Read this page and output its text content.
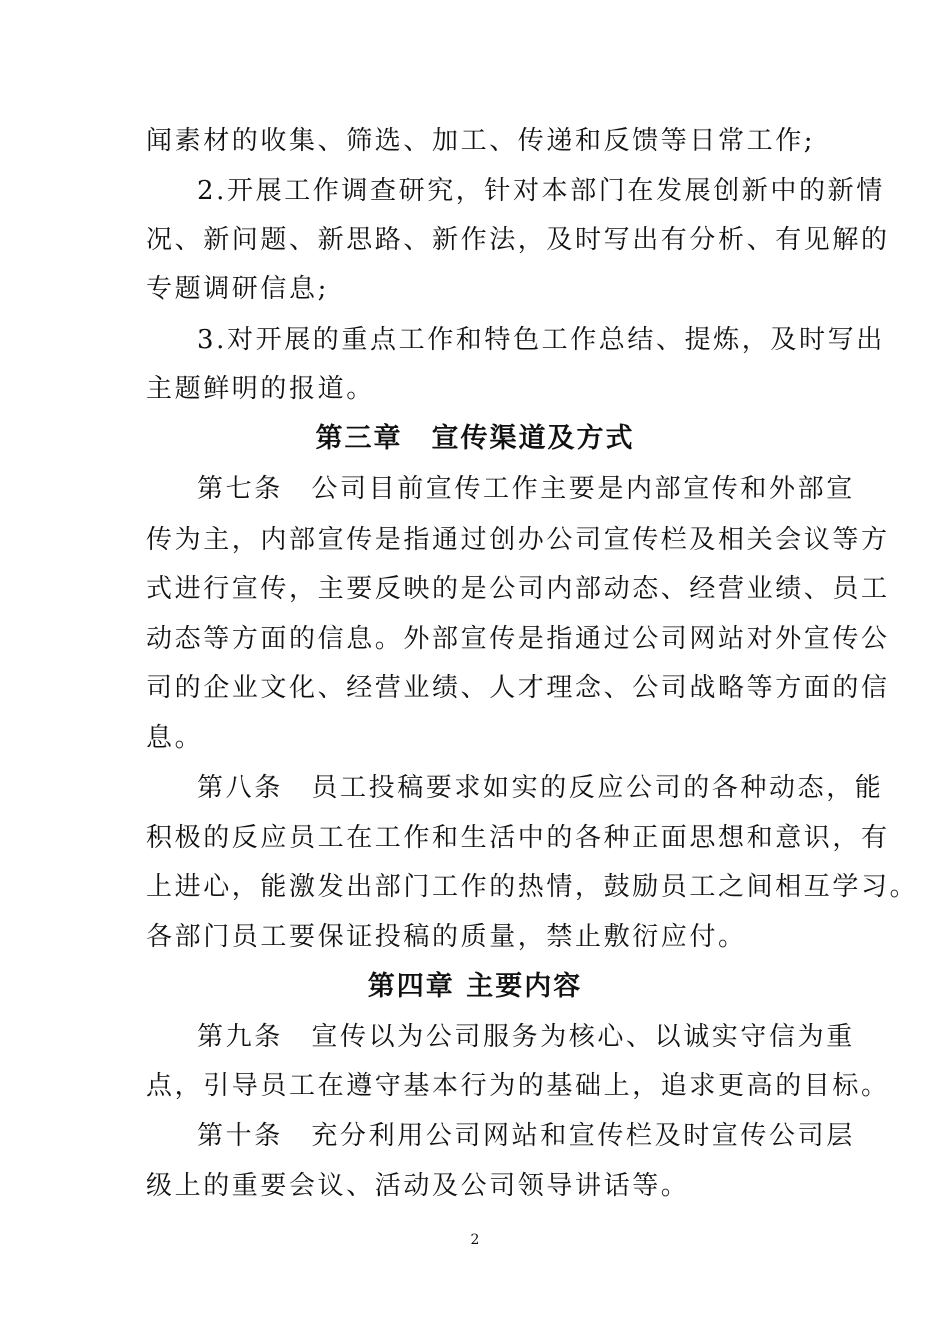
闻素材的收集、筛选、加工、传递和反馈等日常工作;
2.开展工作调查研究，针对本部门在发展创新中的新情
况、新问题、新思路、新作法，及时写出有分析、有见解的
专题调研信息;
3.对开展的重点工作和特色工作总结、提炼，及时写出
主题鲜明的报道。
第三章　宣传渠道及方式
第七条　公司目前宣传工作主要是内部宣传和外部宣
传为主，内部宣传是指通过创办公司宣传栏及相关会议等方
式进行宣传，主要反映的是公司内部动态、经营业绩、员工
动态等方面的信息。外部宣传是指通过公司网站对外宣传公
司的企业文化、经营业绩、人才理念、公司战略等方面的信
息。
第八条　员工投稿要求如实的反应公司的各种动态，能
积极的反应员工在工作和生活中的各种正面思想和意识，有
上进心，能激发出部门工作的热情，鼓励员工之间相互学习。
各部门员工要保证投稿的质量，禁止敷衍应付。
第四章 主要内容
第九条　宣传以为公司服务为核心、以诚实守信为重
点，引导员工在遵守基本行为的基础上，追求更高的目标。
第十条　充分利用公司网站和宣传栏及时宣传公司层
级上的重要会议、活动及公司领导讲话等。
2
